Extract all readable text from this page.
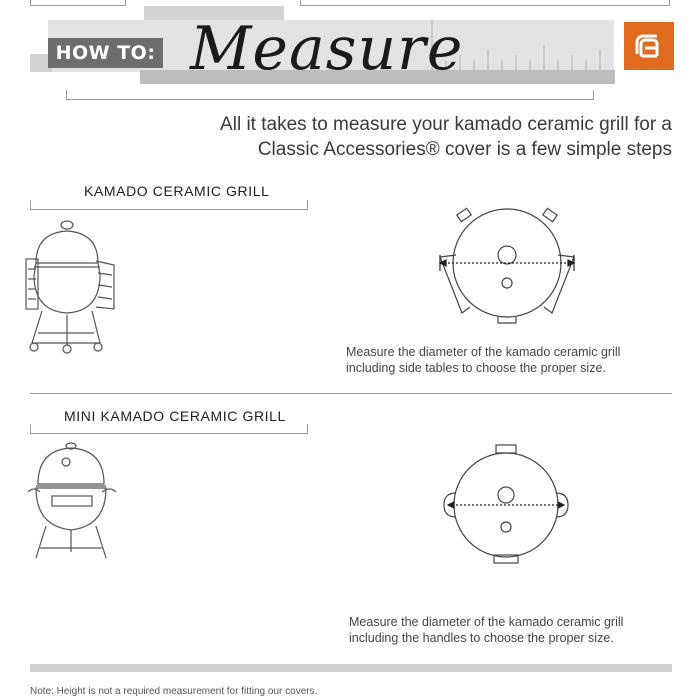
HOW TO: Measure
All it takes to measure your kamado ceramic grill for a
Classic Accessories® cover is a few simple steps
KAMADO CERAMIC GRILL
Measure the diameter of the kamado ceramic grill
including side tables to choose the proper size.
MINI KAMADO CERAMIC GRILL
Measure the diameter of the kamado ceramic grill
including the handles to choose the proper size.
Note: Height is not a required measurement for fitting our covers.
